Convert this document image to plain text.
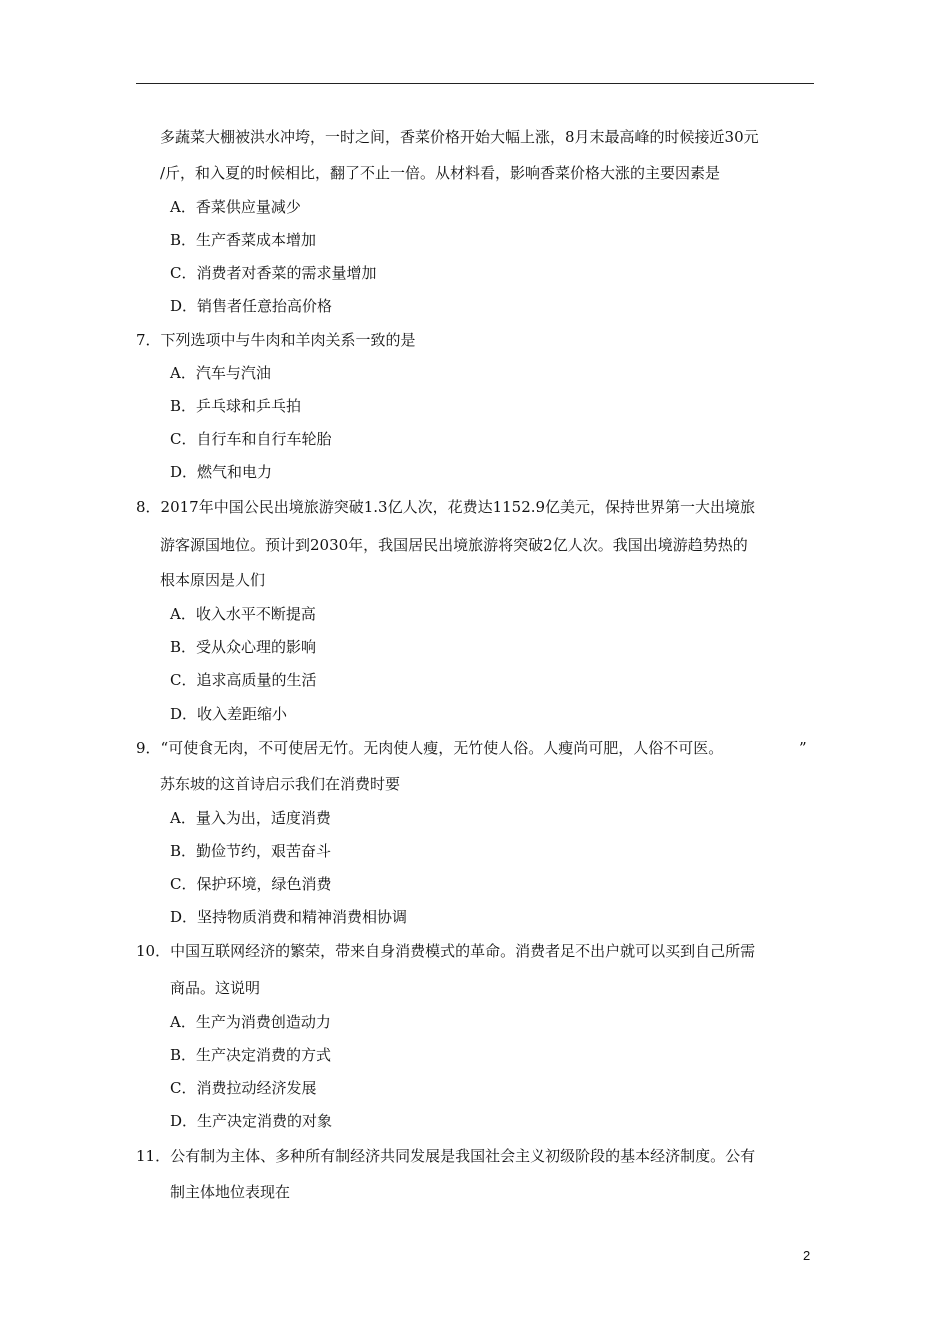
多蔬菜大棚被洪水冲垮，一时之间，香菜价格开始大幅上涨，8月末最高峰的时候接近30元
/斤，和入夏的时候相比，翻了不止一倍。从材料看，影响香菜价格大涨的主要因素是
A．香菜供应量减少
B．生产香菜成本增加
C．消费者对香菜的需求量增加
D．销售者任意抬高价格
7．下列选项中与牛肉和羊肉关系一致的是
A．汽车与汽油
B．乒乓球和乒乓拍
C．自行车和自行车轮胎
D．燃气和电力
8．2017年中国公民出境旅游突破1.3亿人次，花费达1152.9亿美元，保持世界第一大出境旅
游客源国地位。预计到2030年，我国居民出境旅游将突破2亿人次。我国出境游趋势热的
根本原因是人们
A．收入水平不断提高
B．受从众心理的影响
C．追求高质量的生活
D．收入差距缩小
9．“可使食无肉，不可使居无竹。无肉使人瘦，无竹使人俗。人瘦尚可肥，人俗不可医。	”
苏东坡的这首诗启示我们在消费时要
A．量入为出，适度消费
B．勤俭节约，艰苦奋斗
C．保护环境，绿色消费
D．坚持物质消费和精神消费相协调
10．中国互联网经济的繁荣，带来自身消费模式的革命。消费者足不出户就可以买到自己所需
商品。这说明
A．生产为消费创造动力
B．生产决定消费的方式
C．消费拉动经济发展
D．生产决定消费的对象
11．公有制为主体、多种所有制经济共同发展是我国社会主义初级阶段的基本经济制度。公有
制主体地位表现在
2
